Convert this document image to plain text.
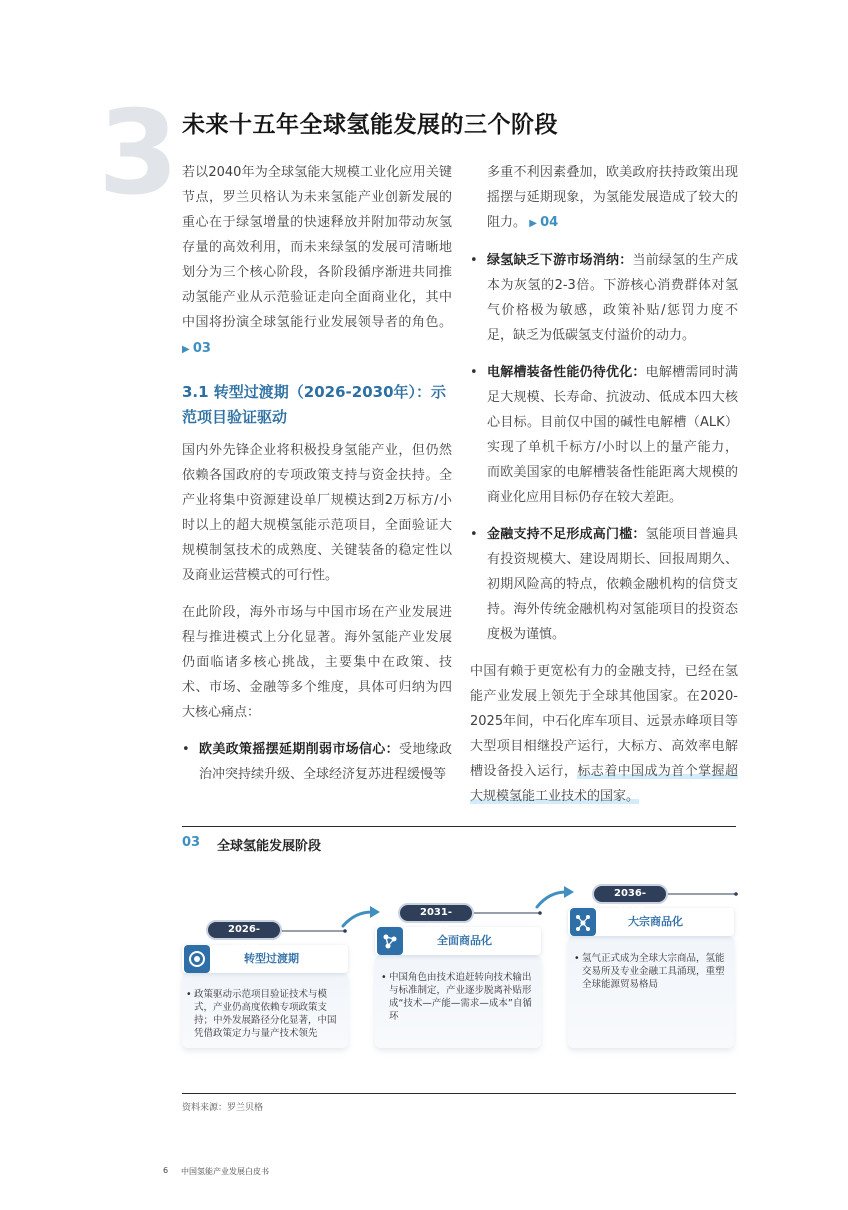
3 未来十五年全球氢能发展的三个阶段

若以2040年为全球氢能大规模工业化应用关键节点，罗兰贝格认为未来氢能产业创新发展的重心在于绿氢增量的快速释放并附加带动灰氢存量的高效利用，而未来绿氢的发展可清晰地划分为三个核心阶段，各阶段循序渐进共同推动氢能产业从示范验证走向全面商业化，其中中国将扮演全球氢能行业发展领导者的角色。 ▶ 03

3.1 转型过渡期（2026-2030年）：示范项目验证驱动

国内外先锋企业将积极投身氢能产业，但仍然依赖各国政府的专项政策支持与资金扶持。全产业将集中资源建设单厂规模达到2万标方/小时以上的超大规模氢能示范项目，全面验证大规模制氢技术的成熟度、关键装备的稳定性以及商业运营模式的可行性。

在此阶段，海外市场与中国市场在产业发展进程与推进模式上分化显著。海外氢能产业发展仍面临诸多核心挑战，主要集中在政策、技术、市场、金融等多个维度，具体可归纳为四大核心痛点：

• 欧美政策摇摆延期削弱市场信心：受地缘政治冲突持续升级、全球经济复苏进程缓慢等

多重不利因素叠加，欧美政府扶持政策出现摇摆与延期现象，为氢能发展造成了较大的阻力。 ▶ 04

• 绿氢缺乏下游市场消纳：当前绿氢的生产成本为灰氢的2-3倍。下游核心消费群体对氢气价格极为敏感，政策补贴/惩罚力度不足，缺乏为低碳氢支付溢价的动力。
• 电解槽装备性能仍待优化：电解槽需同时满足大规模、长寿命、抗波动、低成本四大核心目标。目前仅中国的碱性电解槽（ALK）实现了单机千标方/小时以上的量产能力，而欧美国家的电解槽装备性能距离大规模的商业化应用目标仍存在较大差距。
• 金融支持不足形成高门槛：氢能项目普遍具有投资规模大、建设周期长、回报周期久、初期风险高的特点，依赖金融机构的信贷支持。海外传统金融机构对氢能项目的投资态度极为谨慎。

中国有赖于更宽松有力的金融支持，已经在氢能产业发展上领先于全球其他国家。在2020-2025年间，中石化库车项目、远景赤峰项目等大型项目相继投产运行，大标方、高效率电解槽设备投入运行，标志着中国成为首个掌握超大规模氢能工业技术的国家。

03 全球氢能发展阶段
• 政策驱动示范项目验证技术与模式，产业仍高度依赖专项政策支持；中外发展路径分化显著，中国凭借政策定力与量产技术领先
转型过渡期
2026-2030
• 中国角色由技术追赶转向技术输出与标准制定，产业逐步脱离补贴形成“技术—产能—需求—成本”自循环
全面商品化
2031-2035
• 氢气正式成为全球大宗商品，氢能交易所及专业金融工具涌现，重塑全球能源贸易格局
大宗商品化
2036-2040
资料来源：罗兰贝格
6 中国氢能产业发展白皮书
